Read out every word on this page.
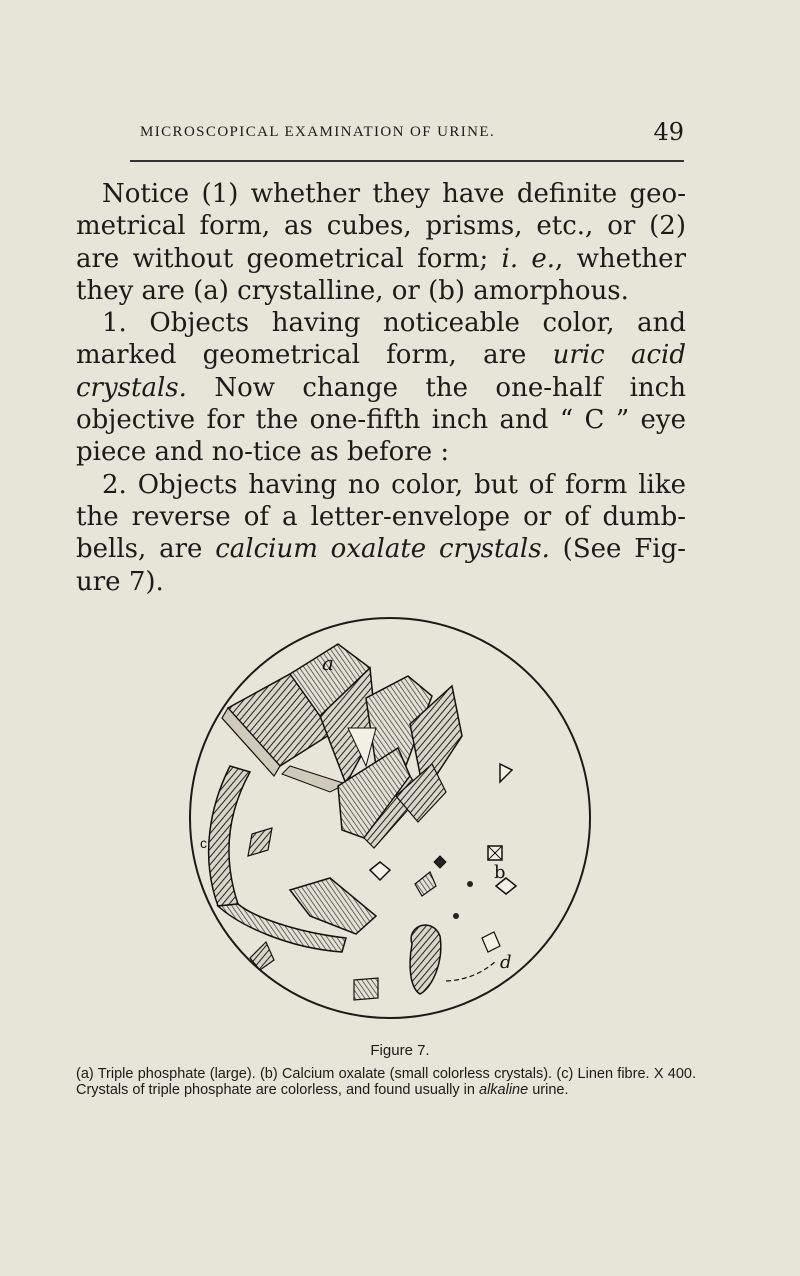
MICROSCOPICAL EXAMINATION OF URINE.	49

Notice (1) whether they have definite geo-metrical form, as cubes, prisms, etc., or (2) are without geometrical form; i. e., whether they are (a) crystalline, or (b) amorphous.

1. Objects having noticeable color, and marked geometrical form, are uric acid crystals. Now change the one-half inch objective for the one-fifth inch and “ C ” eye piece and no-tice as before :

2. Objects having no color, but of form like the reverse of a letter-envelope or of dumb-bells, are calcium oxalate crystals. (See Fig-ure 7).

a
b
c
d
Figure 7.

(a) Triple phosphate (large). (b) Calcium oxalate (small colorless crystals). (c) Linen fibre. X 400. Crystals of triple phosphate are colorless, and found usually in alkaline urine.
